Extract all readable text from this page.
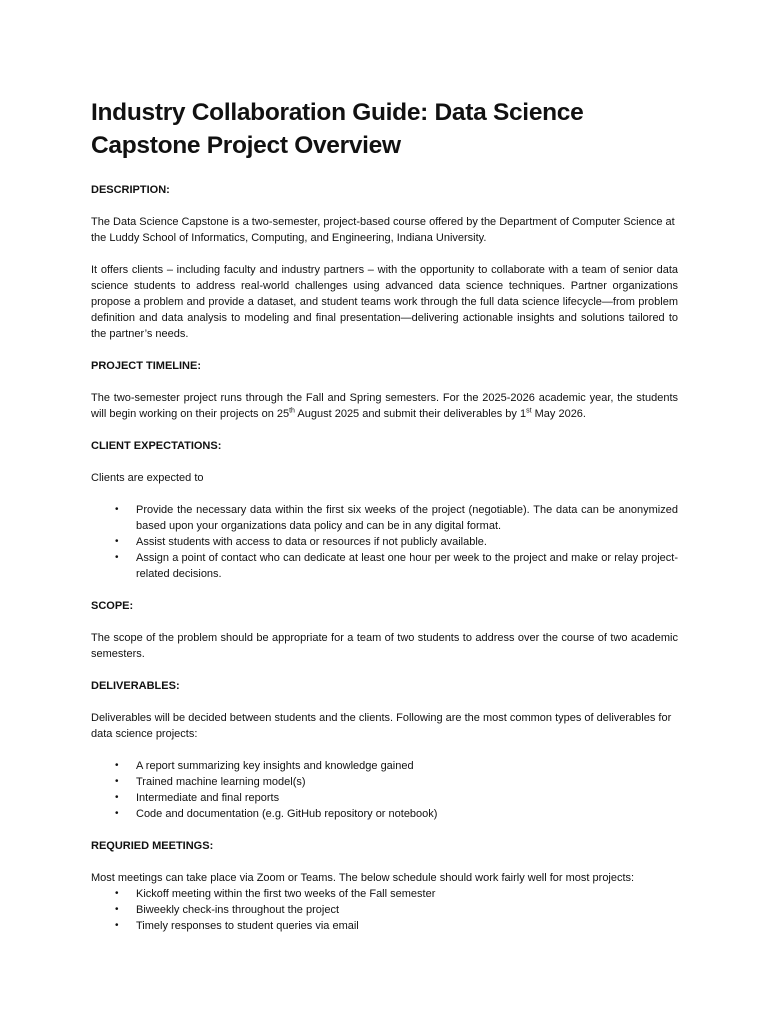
Industry Collaboration Guide: Data Science Capstone Project Overview
DESCRIPTION:

The Data Science Capstone is a two-semester, project-based course offered by the Department of Computer Science at the Luddy School of Informatics, Computing, and Engineering, Indiana University.

It offers clients – including faculty and industry partners – with the opportunity to collaborate with a team of senior data science students to address real-world challenges using advanced data science techniques. Partner organizations propose a problem and provide a dataset, and student teams work through the full data science lifecycle—from problem definition and data analysis to modeling and final presentation—delivering actionable insights and solutions tailored to the partner’s needs.

PROJECT TIMELINE:

The two-semester project runs through the Fall and Spring semesters. For the 2025-2026 academic year, the students will begin working on their projects on 25th August 2025 and submit their deliverables by 1st May 2026.

CLIENT EXPECTATIONS:

Clients are expected to

• Provide the necessary data within the first six weeks of the project (negotiable). The data can be anonymized based upon your organizations data policy and can be in any digital format.
• Assist students with access to data or resources if not publicly available.
• Assign a point of contact who can dedicate at least one hour per week to the project and make or relay project-related decisions.
SCOPE:

The scope of the problem should be appropriate for a team of two students to address over the course of two academic semesters.

DELIVERABLES:

Deliverables will be decided between students and the clients. Following are the most common types of deliverables for data science projects:

• A report summarizing key insights and knowledge gained
• Trained machine learning model(s)
• Intermediate and final reports
• Code and documentation (e.g. GitHub repository or notebook)
REQURIED MEETINGS:

Most meetings can take place via Zoom or Teams. The below schedule should work fairly well for most projects:

• Kickoff meeting within the first two weeks of the Fall semester
• Biweekly check-ins throughout the project
• Timely responses to student queries via email
